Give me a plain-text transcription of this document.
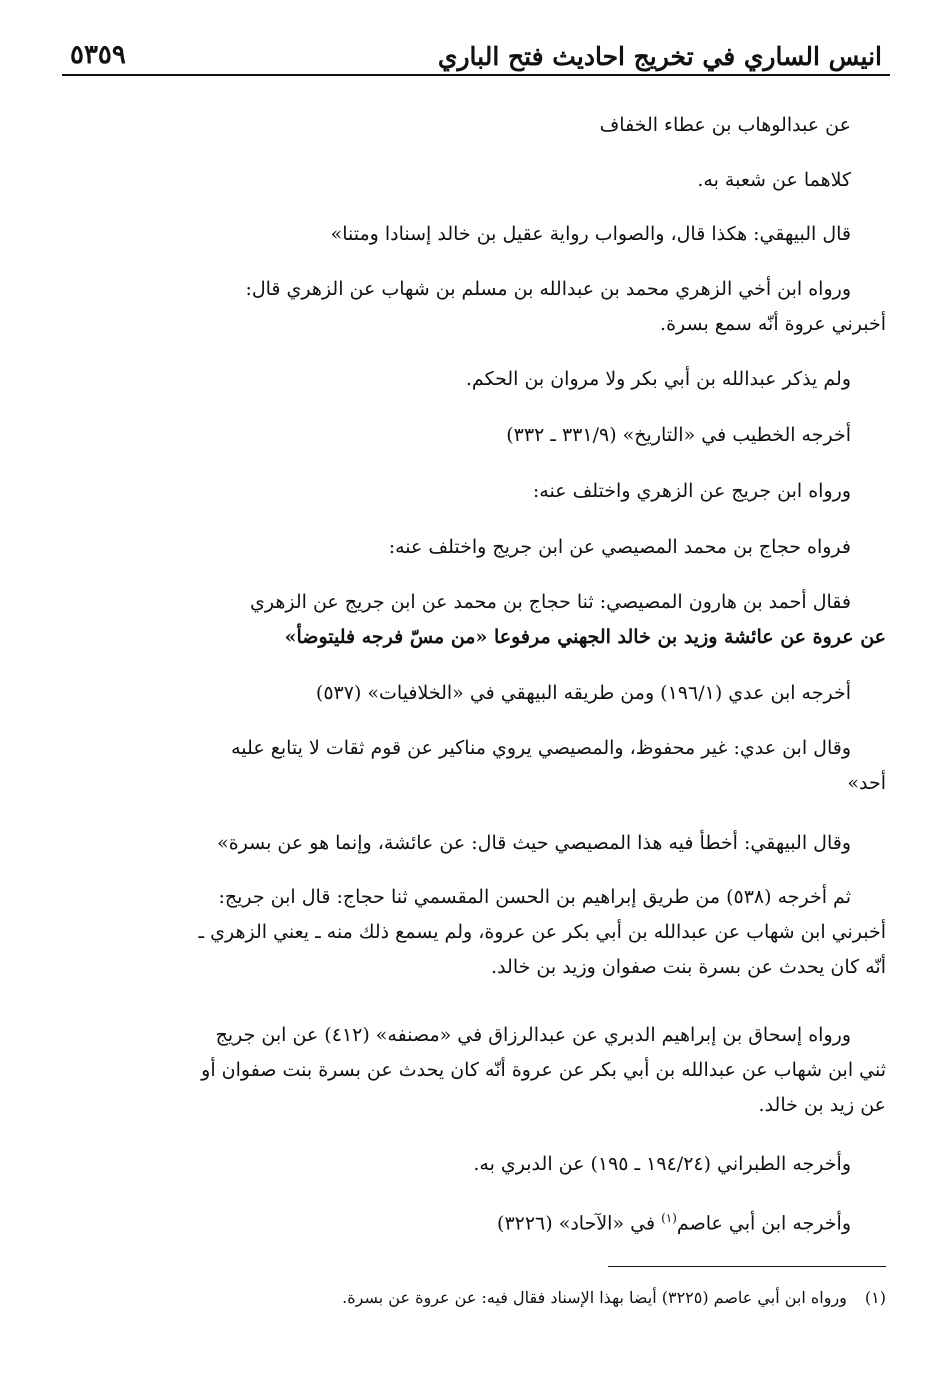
انيس الساري في تخريج احاديث فتح الباري
٥٣٥٩
عن عبدالوهاب بن عطاء الخفاف
كلاهما عن شعبة به.
قال البيهقي: هكذا قال، والصواب رواية عقيل بن خالد إسنادا ومتنا»
ورواه ابن أخي الزهري محمد بن عبدالله بن مسلم بن شهاب عن الزهري قال:
أخبرني عروة أنّه سمع بسرة.
ولم يذكر عبدالله بن أبي بكر ولا مروان بن الحكم.
أخرجه الخطيب في «التاريخ» (٣٣١/٩ ـ ٣٣٢)
ورواه ابن جريج عن الزهري واختلف عنه:
فرواه حجاج بن محمد المصيصي عن ابن جريج واختلف عنه:
فقال أحمد بن هارون المصيصي: ثنا حجاج بن محمد عن ابن جريج عن الزهري
عن عروة عن عائشة وزيد بن خالد الجهني مرفوعا «من مسّ فرجه فليتوضأ»
أخرجه ابن عدي (١٩٦/١) ومن طريقه البيهقي في «الخلافيات» (٥٣٧)
وقال ابن عدي: غير محفوظ، والمصيصي يروي مناكير عن قوم ثقات لا يتابع عليه
أحد»
وقال البيهقي: أخطأ فيه هذا المصيصي حيث قال: عن عائشة، وإنما هو عن بسرة»
ثم أخرجه (٥٣٨) من طريق إبراهيم بن الحسن المقسمي ثنا حجاج: قال ابن جريج:
أخبرني ابن شهاب عن عبدالله بن أبي بكر عن عروة، ولم يسمع ذلك منه ـ يعني الزهري ـ
أنّه كان يحدث عن بسرة بنت صفوان وزيد بن خالد.
ورواه إسحاق بن إبراهيم الدبري عن عبدالرزاق في «مصنفه» (٤١٢) عن ابن جريج
ثني ابن شهاب عن عبدالله بن أبي بكر عن عروة أنّه كان يحدث عن بسرة بنت صفوان أو
عن زيد بن خالد.
وأخرجه الطبراني (١٩٤/٢٤ ـ ١٩٥) عن الدبري به.
وأخرجه ابن أبي عاصم$^{(١)}$ في «الآحاد» (٣٢٢٦)
(١)ورواه ابن أبي عاصم (٣٢٢٥) أيضا بهذا الإسناد فقال فيه: عن عروة عن بسرة.
